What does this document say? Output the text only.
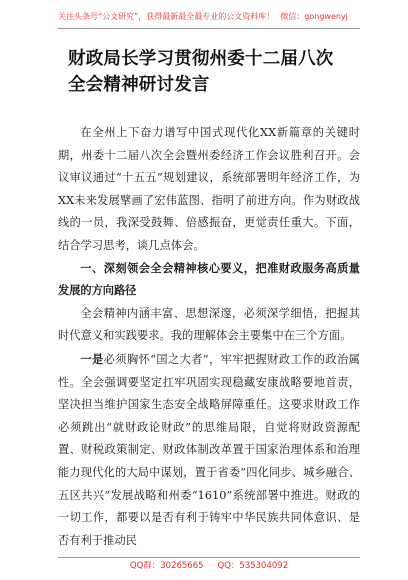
关注头条号“公文研究”，获得最新最全最专业的公文资料库！ 微信：gongwenyj
财政局长学习贯彻州委十二届八次全会精神研讨发言

在全州上下奋力谱写中国式现代化XX新篇章的关键时期，州委十二届八次全会暨州委经济工作会议胜利召开。会议审议通过“十五五”规划建议，系统部署明年经济工作，为XX未来发展擘画了宏伟蓝图、指明了前进方向。作为财政战线的一员，我深受鼓舞、倍感振奋，更觉责任重大。下面，结合学习思考，谈几点体会。

一、深刻领会全会精神核心要义，把准财政服务高质量发展的方向路径

全会精神内涵丰富、思想深邃，必须深学细悟，把握其时代意义和实践要求。我的理解体会主要集中在三个方面。

一是必须胸怀“国之大者”，牢牢把握财政工作的政治属性。全会强调要坚定扛牢巩固实现稳藏安康战略要地首责，坚决担当维护国家生态安全战略屏障重任。这要求财政工作必须跳出“就财政论财政”的思维局限，自觉将财政资源配置、财税政策制定、财政体制改革置于国家治理体系和治理能力现代化的大局中谋划，置于省委“四化同步、城乡融合、五区共兴”发展战略和州委“1610”系统部署中推进。财政的一切工作，都要以是否有利于铸牢中华民族共同体意识、是否有利于推动民

QQ群：30265665 QQ：535304092
